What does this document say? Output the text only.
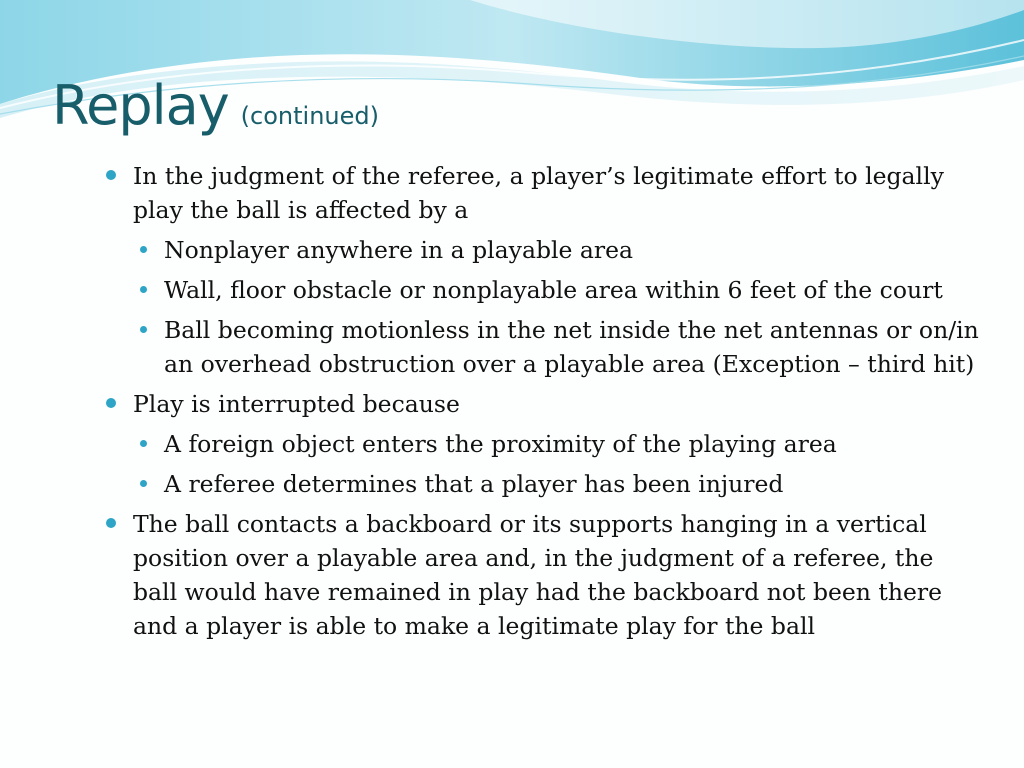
Replay (continued)
In the judgment of the referee, a player’s legitimate effort to legally play the ball is affected by a
Nonplayer anywhere in a playable area
Wall, floor obstacle or nonplayable area within 6 feet of the court
Ball becoming motionless in the net inside the net antennas or on/in an overhead obstruction over a playable area (Exception – third hit)
Play is interrupted because
A foreign object enters the proximity of the playing area
A referee determines that a player has been injured
The ball contacts a backboard or its supports hanging in a vertical position over a playable area and, in the judgment of a referee, the ball would have remained in play had the backboard not been there and a player is able to make a legitimate play for the ball
